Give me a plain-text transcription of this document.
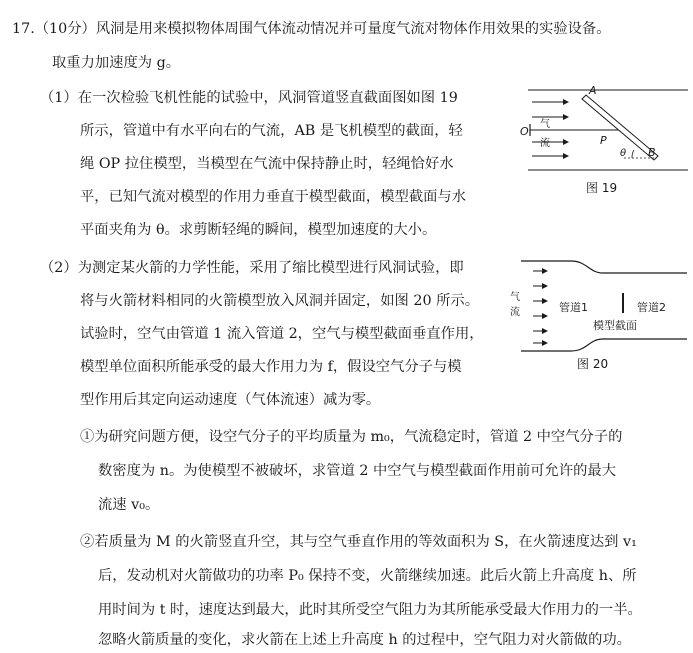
17.（10分）风洞是用来模拟物体周围气体流动情况并可量度气流对物体作用效果的实验设备。
取重力加速度为 g。
（1）在一次检验飞机性能的试验中，风洞管道竖直截面图如图 19
所示，管道中有水平向右的气流，AB 是飞机模型的截面，轻
绳 OP 拉住模型，当模型在气流中保持静止时，轻绳恰好水
平，已知气流对模型的作用力垂直于模型截面，模型截面与水
平面夹角为 θ。求剪断轻绳的瞬间，模型加速度的大小。
（2）为测定某火箭的力学性能，采用了缩比模型进行风洞试验，即
将与火箭材料相同的火箭模型放入风洞并固定，如图 20 所示。
试验时，空气由管道 1 流入管道 2，空气与模型截面垂直作用，
模型单位面积所能承受的最大作用力为 f，假设空气分子与模
型作用后其定向运动速度（气体流速）减为零。
①为研究问题方便，设空气分子的平均质量为 m₀，气流稳定时，管道 2 中空气分子的
数密度为 n。为使模型不被破坏，求管道 2 中空气与模型截面作用前可允许的最大
流速 v₀。
②若质量为 M 的火箭竖直升空，其与空气垂直作用的等效面积为 S，在火箭速度达到 v₁
后，发动机对火箭做功的功率 P₀ 保持不变，火箭继续加速。此后火箭上升高度 h、所
用时间为 t 时，速度达到最大，此时其所受空气阻力为其所能承受最大作用力的一半。
忽略火箭质量的变化，求火箭在上述上升高度 h 的过程中，空气阻力对火箭做的功。
O
气
流
A
B
P
θ
图 19
气
流	管道1	管道2
模型截面
图 20
